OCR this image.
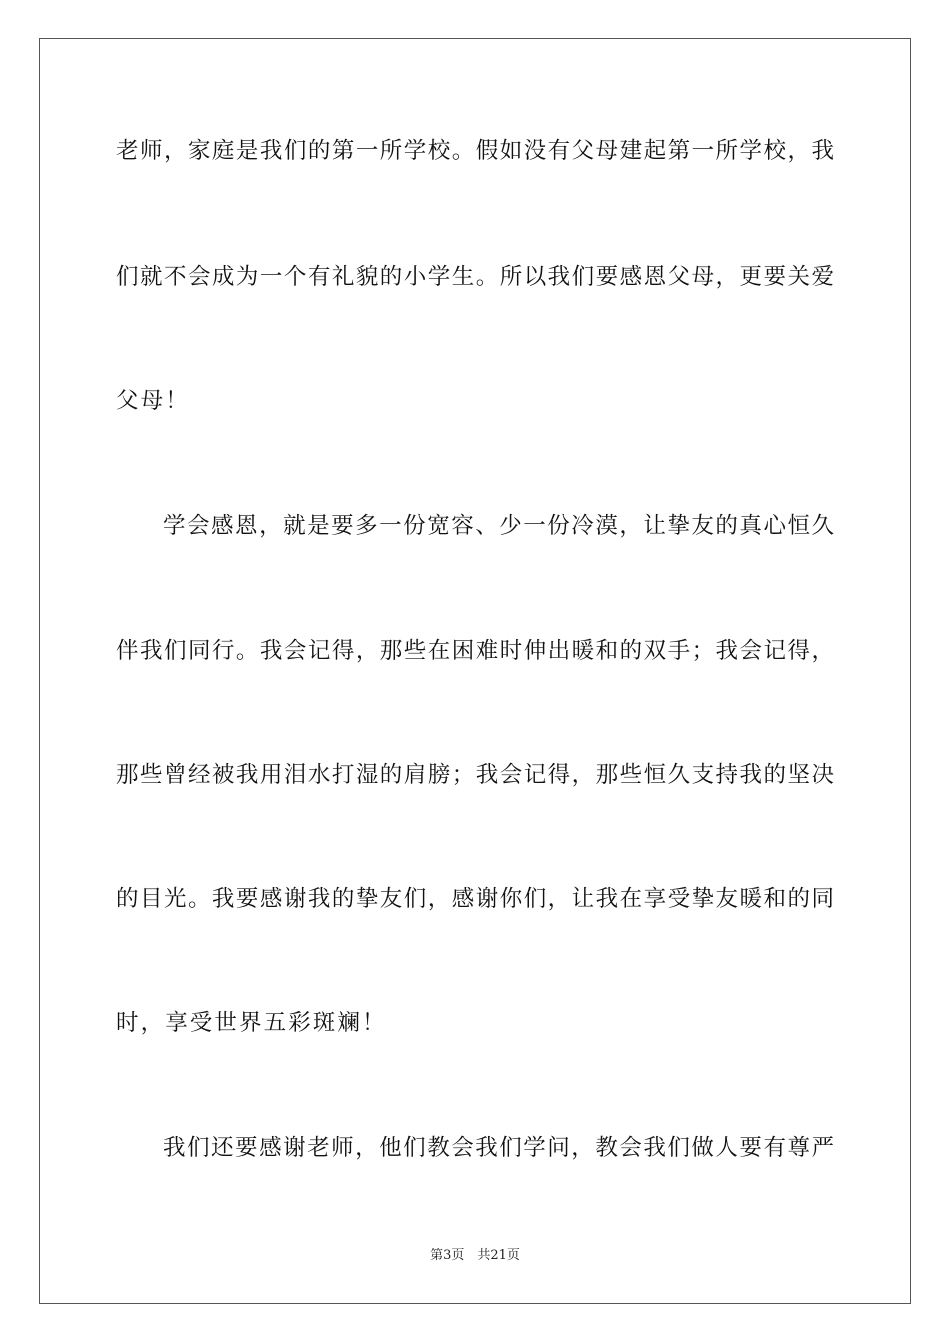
老师，家庭是我们的第一所学校。假如没有父母建起第一所学校，我
们就不会成为一个有礼貌的小学生。所以我们要感恩父母，更要关爱
父母！
学会感恩，就是要多一份宽容、少一份冷漠，让挚友的真心恒久
伴我们同行。我会记得，那些在困难时伸出暖和的双手；我会记得，
那些曾经被我用泪水打湿的肩膀；我会记得，那些恒久支持我的坚决
的目光。我要感谢我的挚友们，感谢你们，让我在享受挚友暖和的同
时，享受世界五彩斑斓！
我们还要感谢老师，他们教会我们学问，教会我们做人要有尊严
第3页　共21页
